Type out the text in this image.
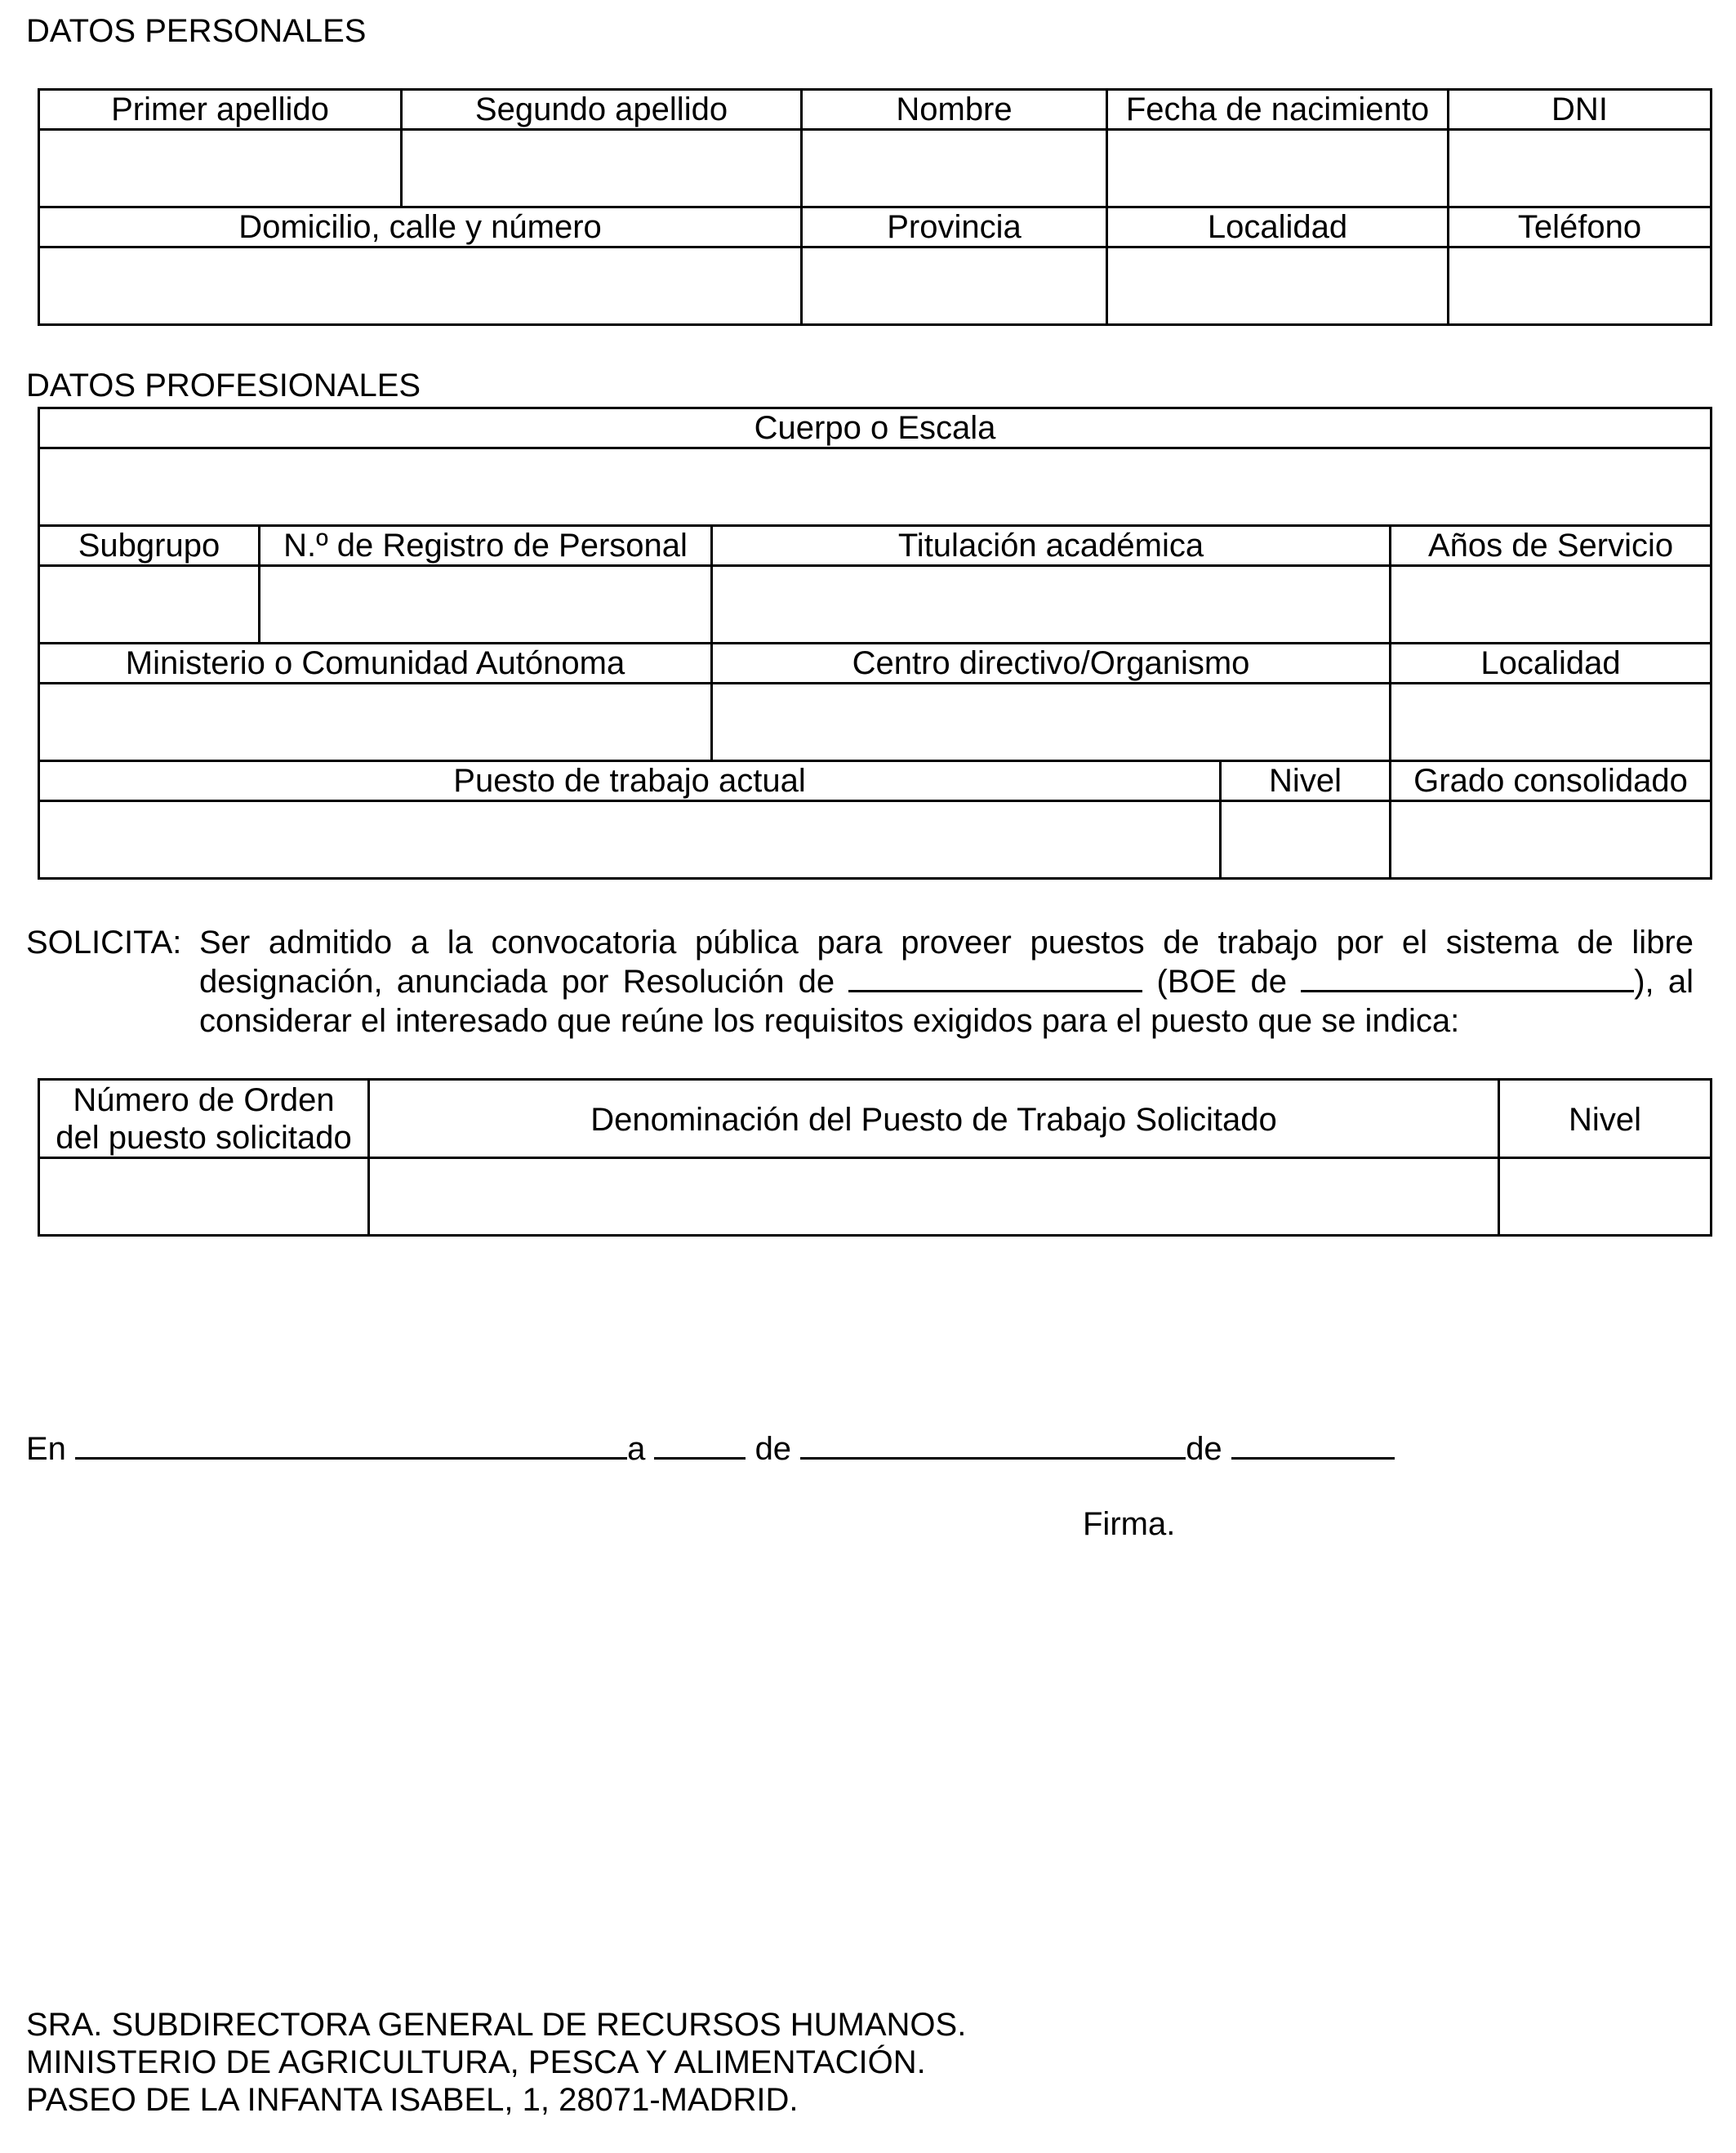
DATOS PERSONALES
Primer apellido	Segundo apellido	Nombre	Fecha de nacimiento	DNI

Domicilio, calle y número		Provincia	Localidad	Teléfono

DATOS PROFESIONALES
Cuerpo o Escala				

Subgrupo	N.º de Registro de Personal	Titulación académica		Años de Servicio

Ministerio o Comunidad Autónoma		Centro directivo/Organismo		Localidad

Puesto de trabajo actual			Nivel	Grado consolidado

SOLICITA: Ser admitido a la convocatoria pública para proveer puestos de trabajo por el sistema de libre designación, anunciada por Resolución de	(BOE de	), al considerar el interesado que reúne los requisitos exigidos para el puesto que se indica:
Número de Orden del puesto solicitado	Denominación del Puesto de Trabajo Solicitado	Nivel

En	a	de	de
Firma.
SRA. SUBDIRECTORA GENERAL DE RECURSOS HUMANOS.
MINISTERIO DE AGRICULTURA, PESCA Y ALIMENTACIÓN.
PASEO DE LA INFANTA ISABEL, 1, 28071-MADRID.
